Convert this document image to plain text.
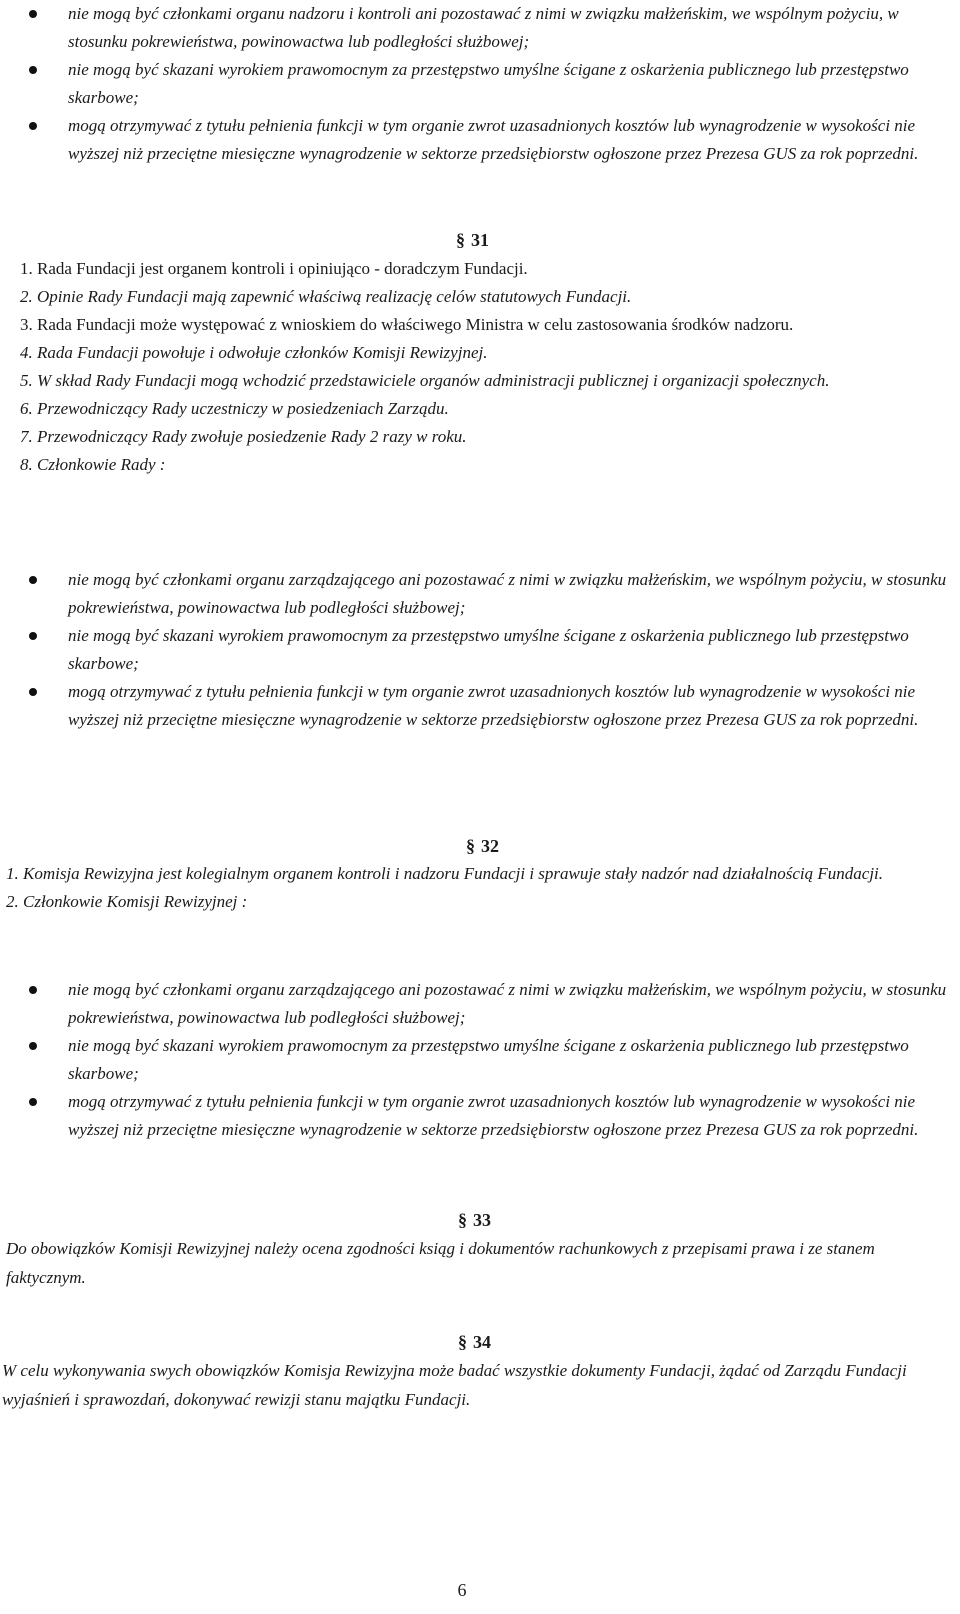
nie mogą być członkami organu nadzoru i kontroli ani pozostawać z nimi w związku małżeńskim, we wspólnym pożyciu, w stosunku pokrewieństwa, powinowactwa lub podległości służbowej;
nie mogą być skazani wyrokiem prawomocnym za przestępstwo umyślne ścigane z oskarżenia publicznego lub przestępstwo skarbowe;
mogą otrzymywać z tytułu pełnienia funkcji w tym organie zwrot uzasadnionych kosztów lub wynagrodzenie w wysokości nie wyższej niż przeciętne miesięczne wynagrodzenie w sektorze przedsiębiorstw ogłoszone przez Prezesa GUS za rok poprzedni.
§ 31
1. Rada Fundacji jest organem kontroli i opiniująco - doradczym Fundacji.
2. Opinie Rady Fundacji mają zapewnić właściwą realizację celów statutowych Fundacji.
3. Rada Fundacji może występować z wnioskiem do właściwego Ministra w celu zastosowania środków nadzoru.
4. Rada Fundacji powołuje i odwołuje członków Komisji Rewizyjnej.
5. W skład Rady Fundacji mogą wchodzić przedstawiciele organów administracji publicznej i organizacji społecznych.
6. Przewodniczący Rady uczestniczy w posiedzeniach Zarządu.
7. Przewodniczący Rady zwołuje posiedzenie Rady 2 razy w roku.
8. Członkowie Rady :
nie mogą być członkami organu zarządzającego ani pozostawać z nimi w związku małżeńskim, we wspólnym pożyciu, w stosunku pokrewieństwa, powinowactwa lub podległości służbowej;
nie mogą być skazani wyrokiem prawomocnym za przestępstwo umyślne ścigane z oskarżenia publicznego lub przestępstwo skarbowe;
mogą otrzymywać z tytułu pełnienia funkcji w tym organie zwrot uzasadnionych kosztów lub wynagrodzenie w wysokości nie wyższej niż przeciętne miesięczne wynagrodzenie w sektorze przedsiębiorstw ogłoszone przez Prezesa GUS za rok poprzedni.
§ 32
1. Komisja Rewizyjna jest kolegialnym organem kontroli i nadzoru Fundacji i sprawuje stały nadzór nad działalnością Fundacji.
2. Członkowie Komisji Rewizyjnej :
nie mogą być członkami organu zarządzającego ani pozostawać z nimi w związku małżeńskim, we wspólnym pożyciu, w stosunku pokrewieństwa, powinowactwa lub podległości służbowej;
nie mogą być skazani wyrokiem prawomocnym za przestępstwo umyślne ścigane z oskarżenia publicznego lub przestępstwo skarbowe;
mogą otrzymywać z tytułu pełnienia funkcji w tym organie zwrot uzasadnionych kosztów lub wynagrodzenie w wysokości nie wyższej niż przeciętne miesięczne wynagrodzenie w sektorze przedsiębiorstw ogłoszone przez Prezesa GUS za rok poprzedni.
§ 33

Do obowiązków Komisji Rewizyjnej należy ocena zgodności ksiąg i dokumentów rachunkowych z przepisami prawa i ze stanem faktycznym.

§ 34

W celu wykonywania swych obowiązków Komisja Rewizyjna może badać wszystkie dokumenty Fundacji, żądać od Zarządu Fundacji wyjaśnień i sprawozdań, dokonywać rewizji stanu majątku Fundacji.

6
